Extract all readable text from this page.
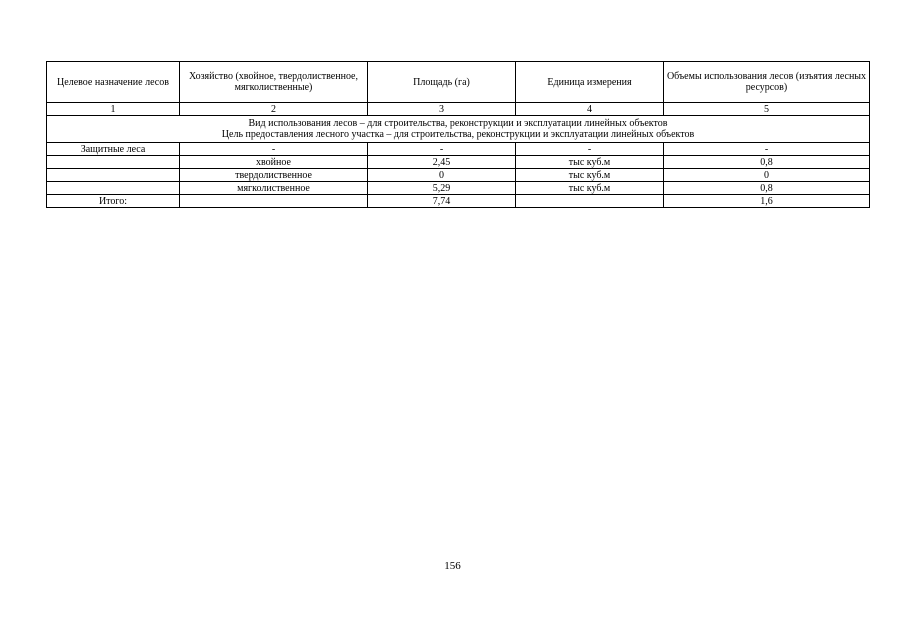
Целевое назначение лесов	Хозяйство (хвойное, твердолиственное, мягколиственные)	Площадь (га)	Единица измерения	Объемы использования лесов (изъятия лесных ресурсов)
1	2	3	4	5

Вид использования лесов – для строительства, реконструкции и эксплуатации линейных объектов
Цель предоставления лесного участка – для строительства, реконструкции и эксплуатации линейных объектов				

Защитные леса	-	-	-	-
	хвойное	2,45	тыс куб.м	0,8
	твердолиственное	0	тыс куб.м	0
	мягколиственное	5,29	тыс куб.м	0,8
Итого:		7,74		1,6
156
